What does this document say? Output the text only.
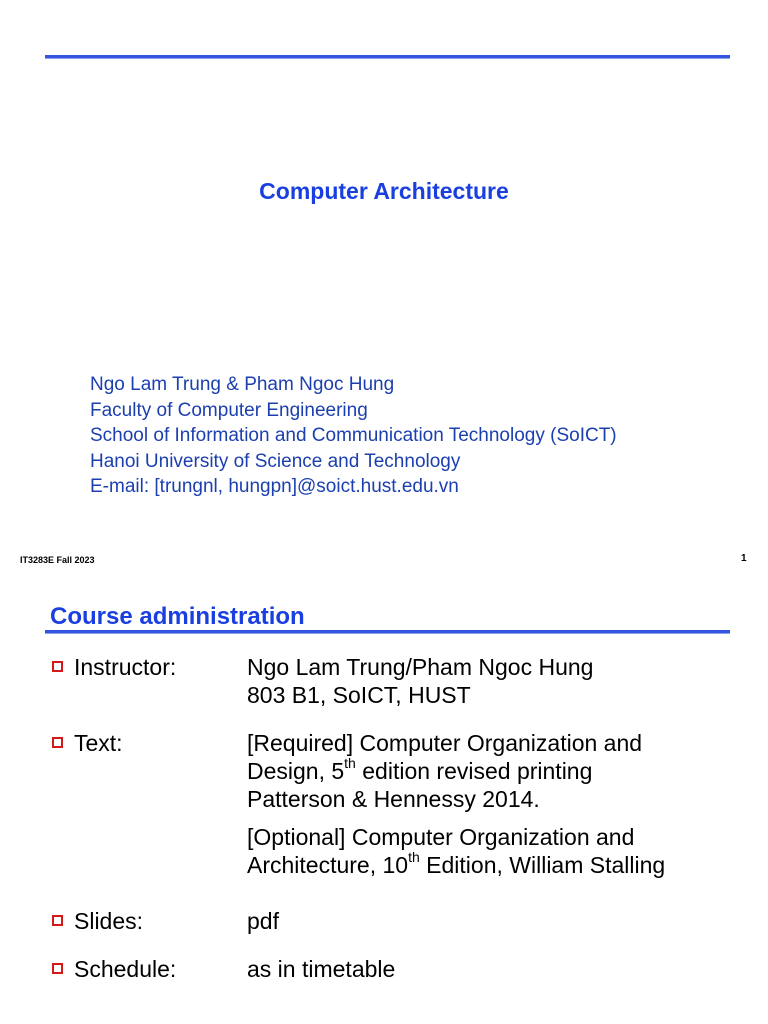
Computer Architecture
Ngo Lam Trung & Pham Ngoc Hung
Faculty of Computer Engineering
School of Information and Communication Technology (SoICT)
Hanoi University of Science and Technology
E-mail: [trungnl, hungpn]@soict.hust.edu.vn
IT3283E Fall 2023	1
Course administration
Instructor:	Ngo Lam Trung/Pham Ngoc Hung
803 B1, SoICT, HUST
Text:	[Required] Computer Organization and
Design, 5th edition revised printing
Patterson & Hennessy 2014.
[Optional] Computer Organization and
Architecture, 10th Edition, William Stalling
Slides:	pdf
Schedule:	as in timetable
